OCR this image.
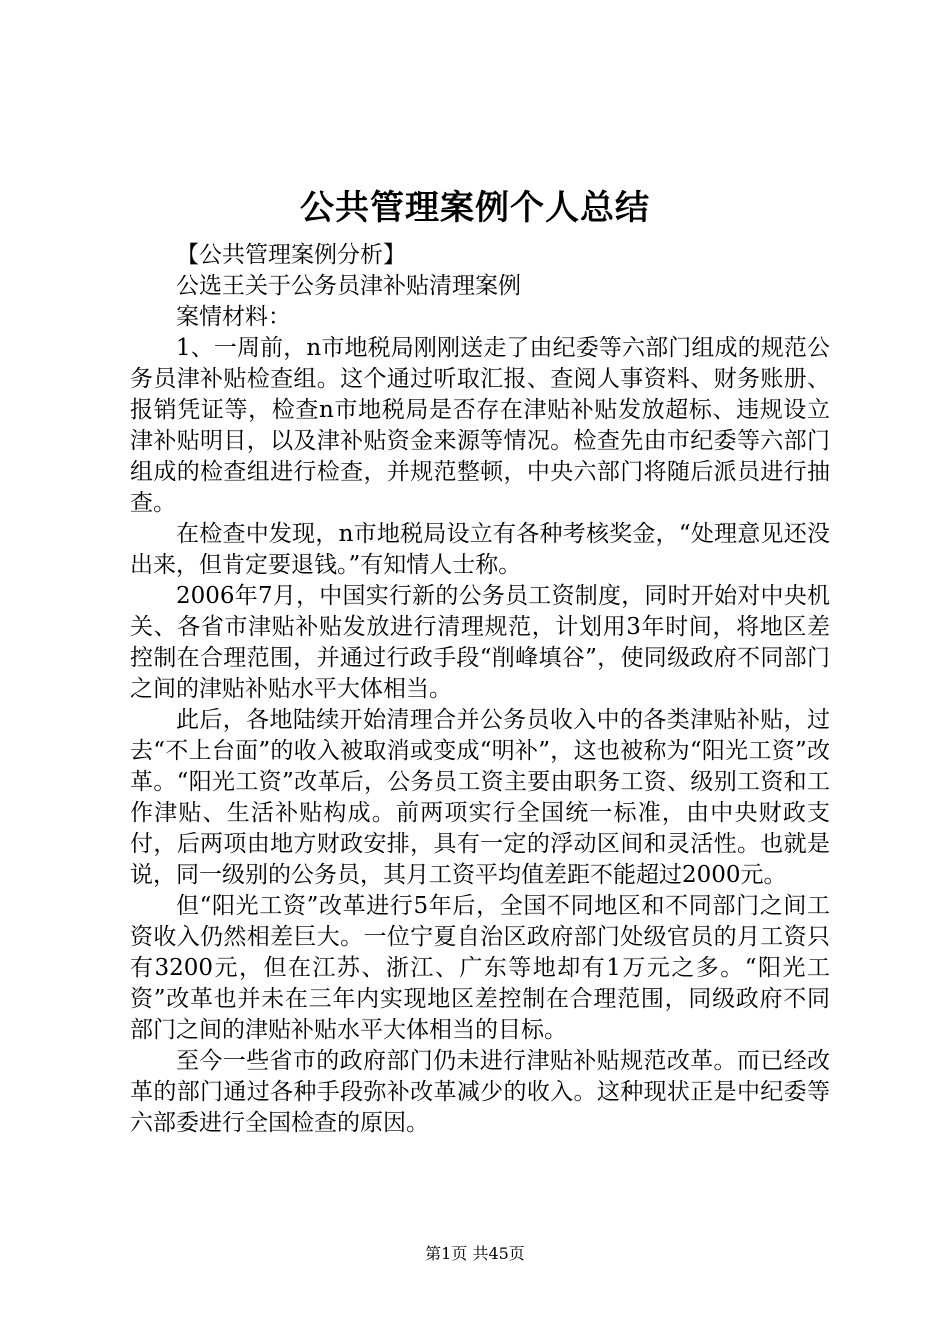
公共管理案例个人总结

【公共管理案例分析】

公选王关于公务员津补贴清理案例

案情材料：

1、一周前，n市地税局刚刚送走了由纪委等六部门组成的规范公务员津补贴检查组。这个通过听取汇报、查阅人事资料、财务账册、报销凭证等，检查n市地税局是否存在津贴补贴发放超标、违规设立津补贴明目，以及津补贴资金来源等情况。检查先由市纪委等六部门组成的检查组进行检查，并规范整顿，中央六部门将随后派员进行抽查。

在检查中发现，n市地税局设立有各种考核奖金，“处理意见还没出来，但肯定要退钱。”有知情人士称。

2006年7月，中国实行新的公务员工资制度，同时开始对中央机关、各省市津贴补贴发放进行清理规范，计划用3年时间，将地区差控制在合理范围，并通过行政手段“削峰填谷”，使同级政府不同部门之间的津贴补贴水平大体相当。

此后，各地陆续开始清理合并公务员收入中的各类津贴补贴，过去“不上台面”的收入被取消或变成“明补”，这也被称为“阳光工资”改革。“阳光工资”改革后，公务员工资主要由职务工资、级别工资和工作津贴、生活补贴构成。前两项实行全国统一标准，由中央财政支付，后两项由地方财政安排，具有一定的浮动区间和灵活性。也就是说，同一级别的公务员，其月工资平均值差距不能超过2000元。

但“阳光工资”改革进行5年后，全国不同地区和不同部门之间工资收入仍然相差巨大。一位宁夏自治区政府部门处级官员的月工资只有3200元，但在江苏、浙江、广东等地却有1万元之多。“阳光工资”改革也并未在三年内实现地区差控制在合理范围，同级政府不同部门之间的津贴补贴水平大体相当的目标。

至今一些省市的政府部门仍未进行津贴补贴规范改革。而已经改革的部门通过各种手段弥补改革减少的收入。这种现状正是中纪委等六部委进行全国检查的原因。

第1页 共45页
